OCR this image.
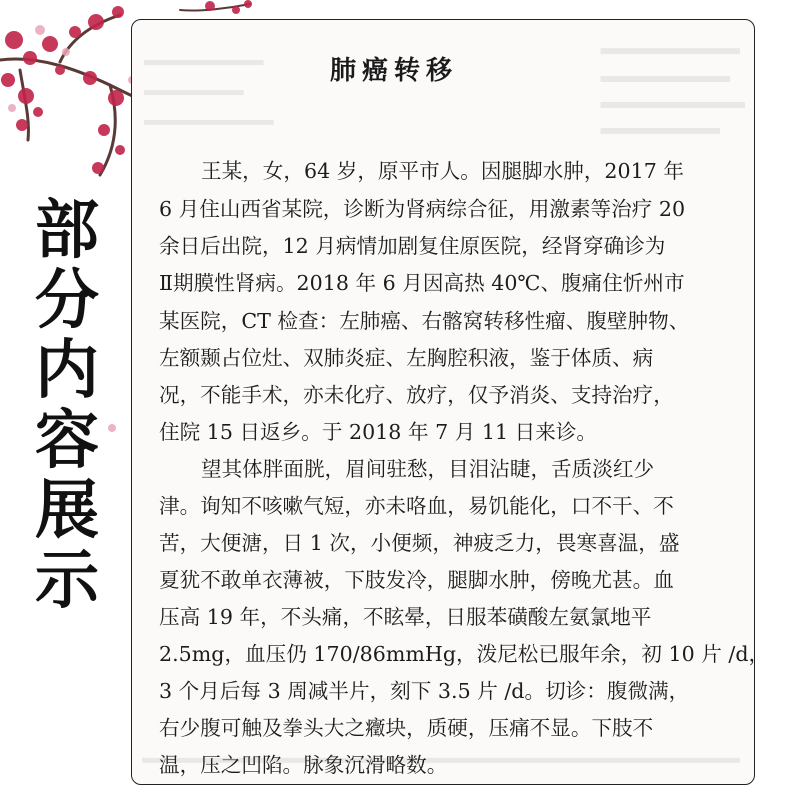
部
分
内
容
展
示
肺癌转移

王某，女，64 岁，原平市人。因腿脚水肿，2017 年

6 月住山西省某院，诊断为肾病综合征，用激素等治疗 20

余日后出院，12 月病情加剧复住原医院，经肾穿确诊为

Ⅱ期膜性肾病。2018 年 6 月因高热 40℃、腹痛住忻州市

某医院，CT 检查：左肺癌、右髂窝转移性瘤、腹壁肿物、

左额颞占位灶、双肺炎症、左胸腔积液，鉴于体质、病

况，不能手术，亦未化疗、放疗，仅予消炎、支持治疗，

住院 15 日返乡。于 2018 年 7 月 11 日来诊。

望其体胖面胱，眉间驻愁，目泪沾睫，舌质淡红少

津。询知不咳嗽气短，亦未咯血，易饥能化，口不干、不

苦，大便溏，日 1 次，小便频，神疲乏力，畏寒喜温，盛

夏犹不敢单衣薄被，下肢发冷，腿脚水肿，傍晚尤甚。血

压高 19 年，不头痛，不眩晕，日服苯磺酸左氨氯地平

2.5mg，血压仍 170/86mmHg，泼尼松已服年余，初 10 片 /d，

3 个月后每 3 周减半片，刻下 3.5 片 /d。切诊：腹微满，

右少腹可触及拳头大之癥块，质硬，压痛不显。下肢不

温，压之凹陷。脉象沉滑略数。
